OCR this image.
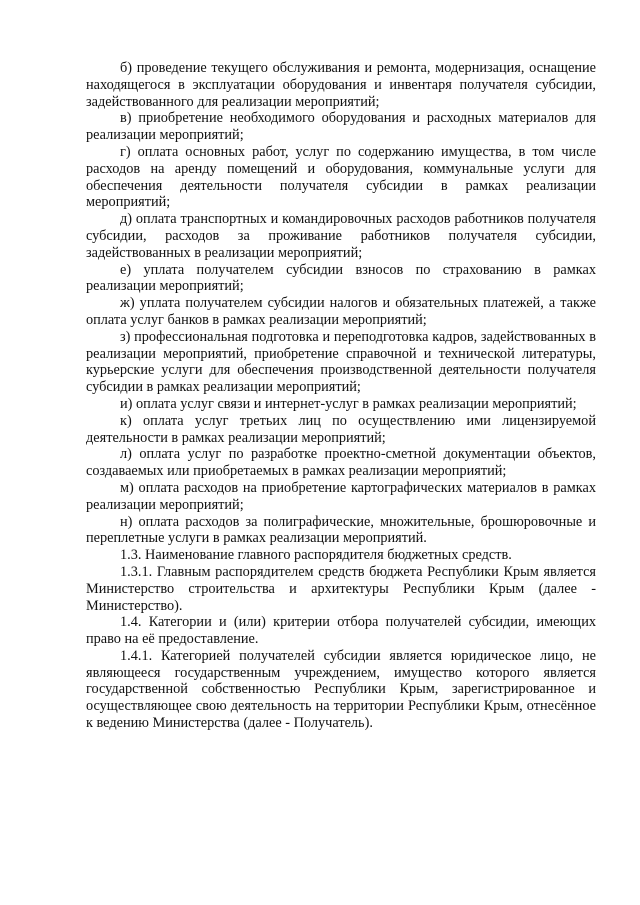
б) проведение текущего обслуживания и ремонта, модернизация, оснащение находящегося в эксплуатации оборудования и инвентаря получателя субсидии, задействованного для реализации мероприятий;

в) приобретение необходимого оборудования и расходных материалов для реализации мероприятий;

г) оплата основных работ, услуг по содержанию имущества, в том числе расходов на аренду помещений и оборудования, коммунальные услуги для обеспечения деятельности получателя субсидии в рамках реализации мероприятий;

д) оплата транспортных и командировочных расходов работников получателя субсидии, расходов за проживание работников получателя субсидии, задействованных в реализации мероприятий;

е) уплата получателем субсидии взносов по страхованию в рамках реализации мероприятий;

ж) уплата получателем субсидии налогов и обязательных платежей, а также оплата услуг банков в рамках реализации мероприятий;

з) профессиональная подготовка и переподготовка кадров, задействованных в реализации мероприятий, приобретение справочной и технической литературы, курьерские услуги для обеспечения производственной деятельности получателя субсидии в рамках реализации мероприятий;

и) оплата услуг связи и интернет-услуг в рамках реализации мероприятий;

к) оплата услуг третьих лиц по осуществлению ими лицензируемой деятельности в рамках реализации мероприятий;

л) оплата услуг по разработке проектно-сметной документации объектов, создаваемых или приобретаемых в рамках реализации мероприятий;

м) оплата расходов на приобретение картографических материалов в рамках реализации мероприятий;

н) оплата расходов за полиграфические, множительные, брошюровочные и переплетные услуги в рамках реализации мероприятий.

1.3. Наименование главного распорядителя бюджетных средств.

1.3.1. Главным распорядителем средств бюджета Республики Крым является Министерство строительства и архитектуры Республики Крым (далее - Министерство).

1.4. Категории и (или) критерии отбора получателей субсидии, имеющих право на её предоставление.

1.4.1. Категорией получателей субсидии является юридическое лицо, не являющееся государственным учреждением, имущество которого является государственной собственностью Республики Крым, зарегистрированное и осуществляющее свою деятельность на территории Республики Крым, отнесённое к ведению Министерства (далее - Получатель).
